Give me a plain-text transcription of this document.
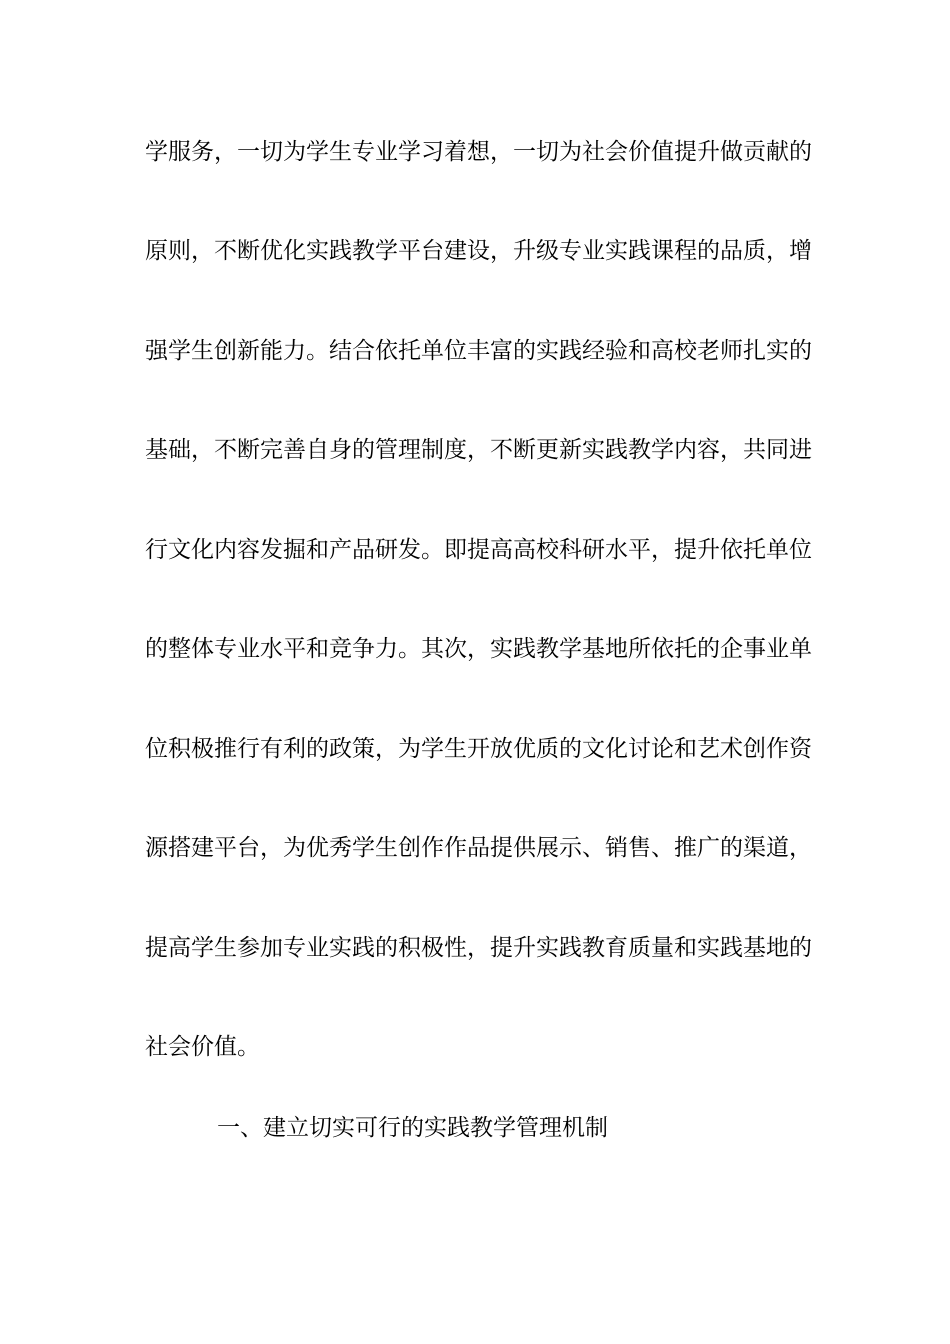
学服务，一切为学生专业学习着想，一切为社会价值提升做贡献的
原则，不断优化实践教学平台建设，升级专业实践课程的品质，增
强学生创新能力。结合依托单位丰富的实践经验和高校老师扎实的
基础，不断完善自身的管理制度，不断更新实践教学内容，共同进
行文化内容发掘和产品研发。即提高高校科研水平，提升依托单位
的整体专业水平和竞争力。其次，实践教学基地所依托的企事业单
位积极推行有利的政策，为学生开放优质的文化讨论和艺术创作资
源搭建平台，为优秀学生创作作品提供展示、销售、推广的渠道，
提高学生参加专业实践的积极性，提升实践教育质量和实践基地的
社会价值。
一、建立切实可行的实践教学管理机制
